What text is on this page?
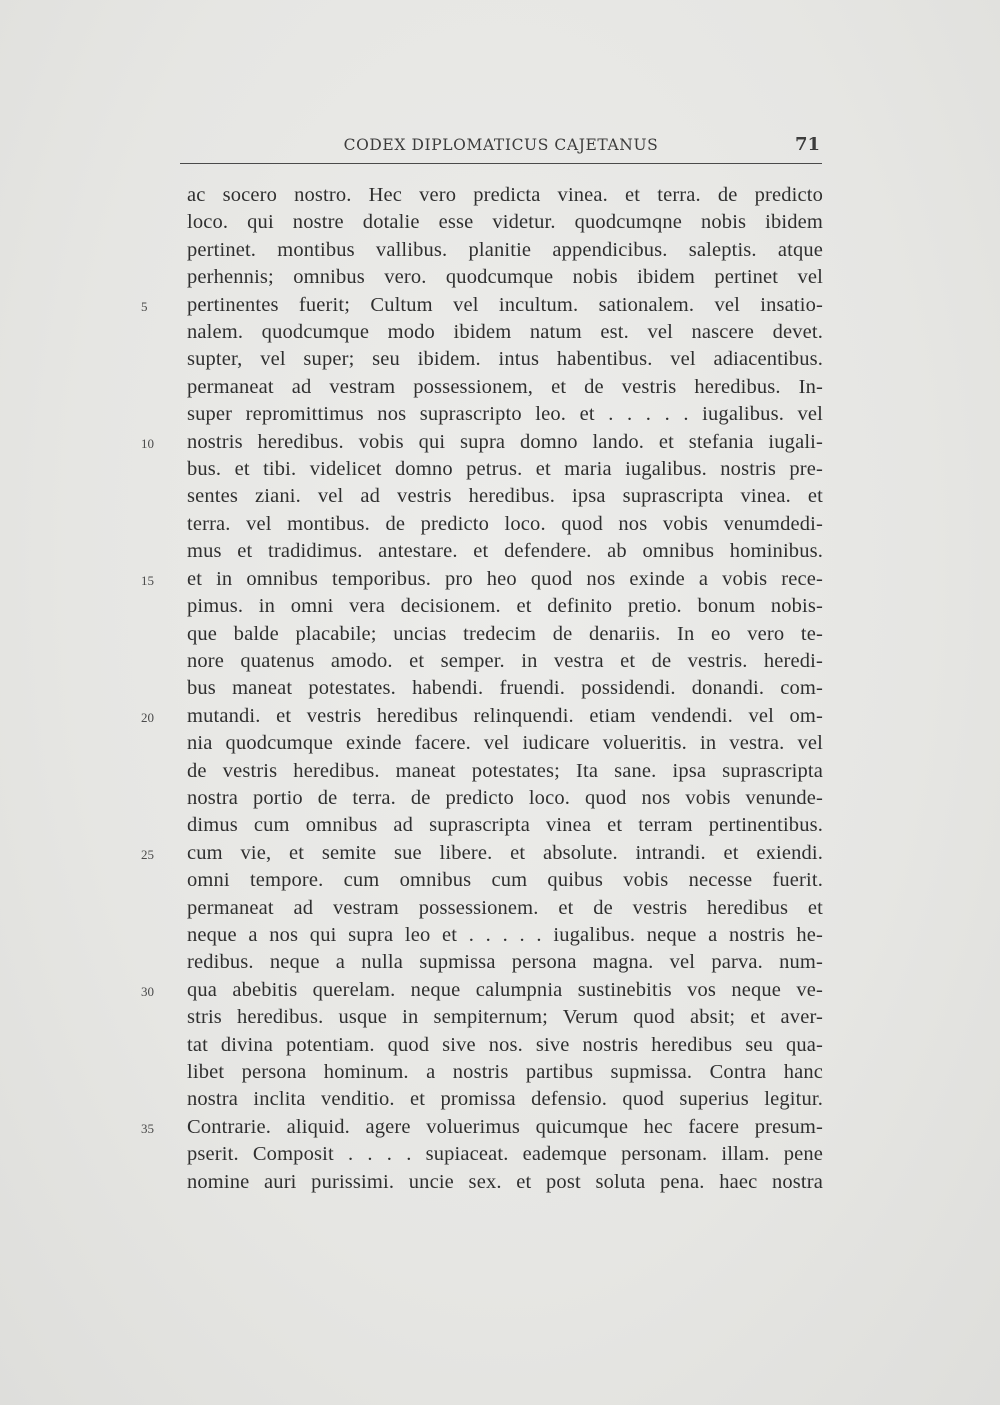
CODEX DIPLOMATICUS CAJETANUS	71
ac socero nostro. Hec vero predicta vinea. et terra. de predicto
loco. qui nostre dotalie esse videtur. quodcumqne nobis ibidem
pertinet. montibus vallibus. planitie appendicibus. saleptis. atque
perhennis; omnibus vero. quodcumque nobis ibidem pertinet vel
5	pertinentes fuerit; Cultum vel incultum. sationalem. vel insatio-
nalem. quodcumque modo ibidem natum est. vel nascere devet.
supter, vel super; seu ibidem. intus habentibus. vel adiacentibus.
permaneat ad vestram possessionem, et de vestris heredibus. In-
super repromittimus nos suprascripto leo. et . . . . . iugalibus. vel
10	nostris heredibus. vobis qui supra domno lando. et stefania iugali-
bus. et tibi. videlicet domno petrus. et maria iugalibus. nostris pre-
sentes ziani. vel ad vestris heredibus. ipsa suprascripta vinea. et
terra. vel montibus. de predicto loco. quod nos vobis venumdedi-
mus et tradidimus. antestare. et defendere. ab omnibus hominibus.
15	et in omnibus temporibus. pro heo quod nos exinde a vobis rece-
pimus. in omni vera decisionem. et definito pretio. bonum nobis-
que balde placabile; uncias tredecim de denariis. In eo vero te-
nore quatenus amodo. et semper. in vestra et de vestris. heredi-
bus maneat potestates. habendi. fruendi. possidendi. donandi. com-
20	mutandi. et vestris heredibus relinquendi. etiam vendendi. vel om-
nia quodcumque exinde facere. vel iudicare volueritis. in vestra. vel
de vestris heredibus. maneat potestates; Ita sane. ipsa suprascripta
nostra portio de terra. de predicto loco. quod nos vobis venunde-
dimus cum omnibus ad suprascripta vinea et terram pertinentibus.
25	cum vie, et semite sue libere. et absolute. intrandi. et exiendi.
omni tempore. cum omnibus cum quibus vobis necesse fuerit.
permaneat ad vestram possessionem. et de vestris heredibus et
neque a nos qui supra leo et . . . . . iugalibus. neque a nostris he-
redibus. neque a nulla supmissa persona magna. vel parva. num-
30	qua abebitis querelam. neque calumpnia sustinebitis vos neque ve-
stris heredibus. usque in sempiternum; Verum quod absit; et aver-
tat divina potentiam. quod sive nos. sive nostris heredibus seu qua-
libet persona hominum. a nostris partibus supmissa. Contra hanc
nostra inclita venditio. et promissa defensio. quod superius legitur.
35	Contrarie. aliquid. agere voluerimus quicumque hec facere presum-
pserit. Composit . . . . supiaceat. eademque personam. illam. pene
nomine auri purissimi. uncie sex. et post soluta pena. haec nostra
